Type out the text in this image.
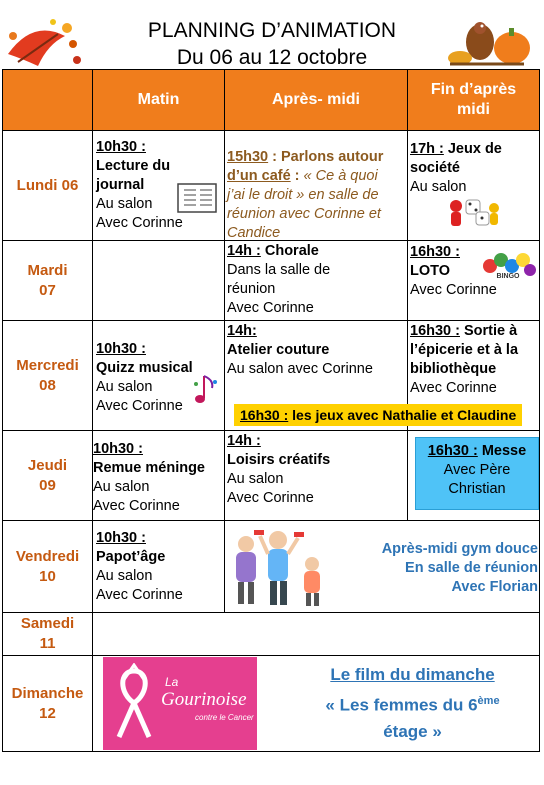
PLANNING D’ANIMATION
Du 06 au 12 octobre
Matin	Après- midi
Fin d’après
midi
Lundi 06
Mardi
07
Mercredi
08
Jeudi
09
Vendredi
10
Samedi
11
Dimanche
12
10h30 :
Lecture du
journal
Au salon
Avec Corinne
15h30 : Parlons autour
d’un café : « Ce à quoi
j’ai le droit » en salle de
réunion avec Corinne et
Candice
17h : Jeux de
société
Au salon
14h : Chorale
Dans la salle de
réunion
Avec Corinne
16h30 :
LOTO
Avec Corinne
BINGO
10h30 :
Quizz musical
Au salon
Avec Corinne
14h:
Atelier couture
Au salon avec Corinne
16h30 : Sortie à
l’épicerie et à la
bibliothèque
Avec Corinne
16h30 : les jeux avec Nathalie et Claudine
10h30 :
Remue méninge
Au salon
Avec Corinne
14h :
Loisirs créatifs
Au salon
Avec Corinne
16h30 : Messe
Avec Père
Christian
10h30 :
Papot’âge
Au salon
Avec Corinne
Après-midi gym douce
En salle de réunion
Avec Florian
La
Gourinoise
contre le Cancer
Le film du dimanche
« Les femmes du 6ème
étage »
